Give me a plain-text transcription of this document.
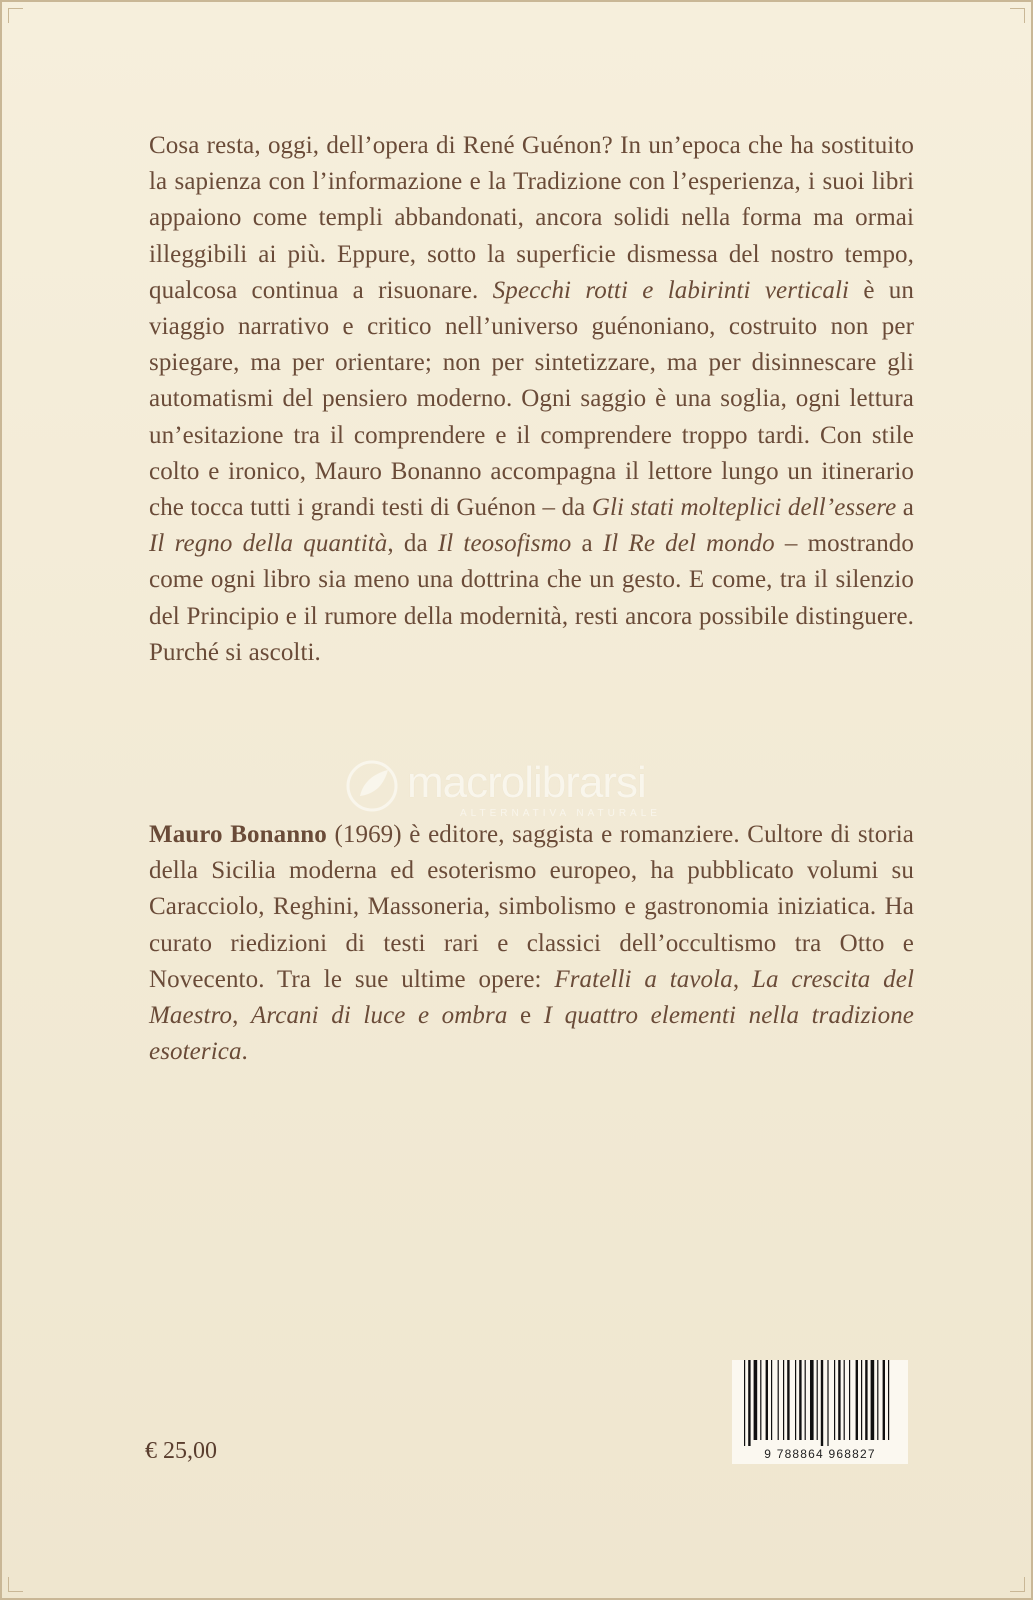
Cosa resta, oggi, dell’opera di René Guénon? In un’epoca che ha sostituito la sapienza con l’informazione e la Tradizione con l’esperienza, i suoi libri appaiono come templi abbandonati, ancora solidi nella forma ma ormai illeggibili ai più. Eppure, sotto la superficie dismessa del nostro tempo, qualcosa continua a risuonare. Specchi rotti e labirinti verticali è un viaggio narrativo e critico nell’universo guénoniano, costruito non per spiegare, ma per orientare; non per sintetizzare, ma per disinnescare gli automatismi del pensiero moderno. Ogni saggio è una soglia, ogni lettura un’esitazione tra il comprendere e il comprendere troppo tardi. Con stile colto e ironico, Mauro Bonanno accompagna il lettore lungo un itinerario che tocca tutti i grandi testi di Guénon – da Gli stati molteplici dell’essere a Il regno della quantità, da Il teosofismo a Il Re del mondo – mostrando come ogni libro sia meno una dottrina che un gesto. E come, tra il silenzio del Principio e il rumore della modernità, resti ancora possibile distinguere. Purché si ascolti.

macrolibrarsi
ALTERNATIVA NATURALE

Mauro Bonanno (1969) è editore, saggista e romanziere. Cultore di storia della Sicilia moderna ed esoterismo europeo, ha pubblicato volumi su Caracciolo, Reghini, Massoneria, simbolismo e gastronomia iniziatica. Ha curato riedizioni di testi rari e classici dell’occultismo tra Otto e Novecento. Tra le sue ultime opere: Fratelli a tavola, La crescita del Maestro, Arcani di luce e ombra e I quattro elementi nella tradizione esoterica.

€ 25,00	9 788864 968827
